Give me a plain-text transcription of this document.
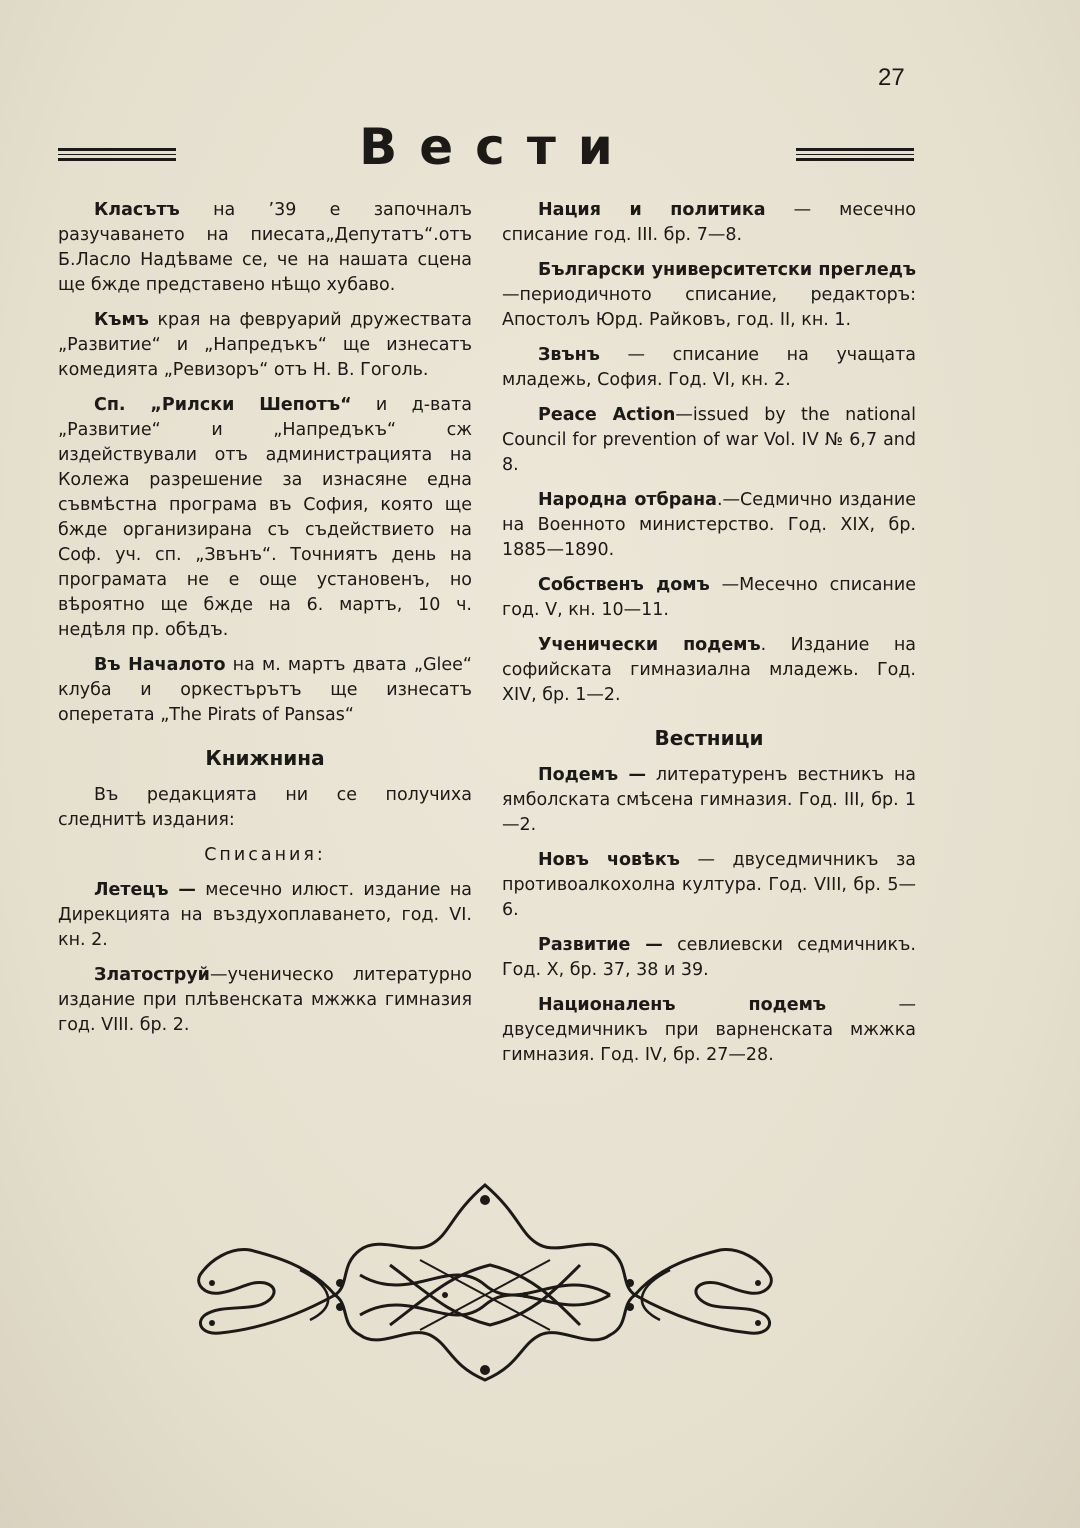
27
Вести

Класътъ на ’39 е започналъ разучаването на пиесата„Депутатъ“.отъ Б.Ласло Надѣваме се, че на нашата сцена ще бжде представено нѣщо хубаво.

Къмъ края на февруарий дружествата „Развитие“ и „Напредъкъ“ ще изнесатъ комедията „Ревизоръ“ отъ Н. В. Гоголь.

Сп. „Рилски Шепотъ“ и д-вата „Развитие“ и „Напредъкъ“ сж издействували отъ администрацията на Колежа разрешение за изнасяне една съвмѣстна програма въ София, която ще бжде организирана съ съдействието на Соф. уч. сп. „Звънъ“. Точниятъ день на програмата не е още установенъ, но вѣроятно ще бжде на 6. мартъ, 10 ч. недѣля пр. обѣдъ.

Въ Началото на м. мартъ двата „Glee“ клуба и оркестърътъ ще изнесатъ оперетата „The Pirats of Pansas“

Книжнина

Въ редакцията ни се получиха следнитѣ издания:

Списания:

Летецъ — месечно илюст. издание на Дирекцията на въздухоплаването, год. VI. кн. 2.

Златоструй—ученическо литературно издание при плѣвенската мжжка гимназия год. VIII. бр. 2.

Нация и политика — месечно списание год. III. бр. 7—8.

Български университетски прегледъ —периодичното списание, редакторъ: Апостолъ Юрд. Райковъ, год. II, кн. 1.

Звънъ — списание на учащата младежь, София. Год. VI, кн. 2.

Peace Action—issued by the national Council for prevention of war Vol. IV № 6,7 and 8.

Народна отбрана.—Седмично издание на Военното министерство. Год. XIX, бр. 1885—1890.

Собственъ домъ —Месечно списание год. V, кн. 10—11.

Ученически подемъ. Издание на софийската гимназиална младежь. Год. XIV, бр. 1—2.

Вестници

Подемъ — литературенъ вестникъ на ямболската смѣсена гимназия. Год. III, бр. 1—2.

Новъ човѣкъ — двуседмичникъ за противоалкохолна култура. Год. VIII, бр. 5—6.

Развитие — севлиевски седмичникъ. Год. X, бр. 37, 38 и 39.

Националенъ подемъ	— двуседмичникъ при варненската мжжка гимназия. Год. IV, бр. 27—28.
